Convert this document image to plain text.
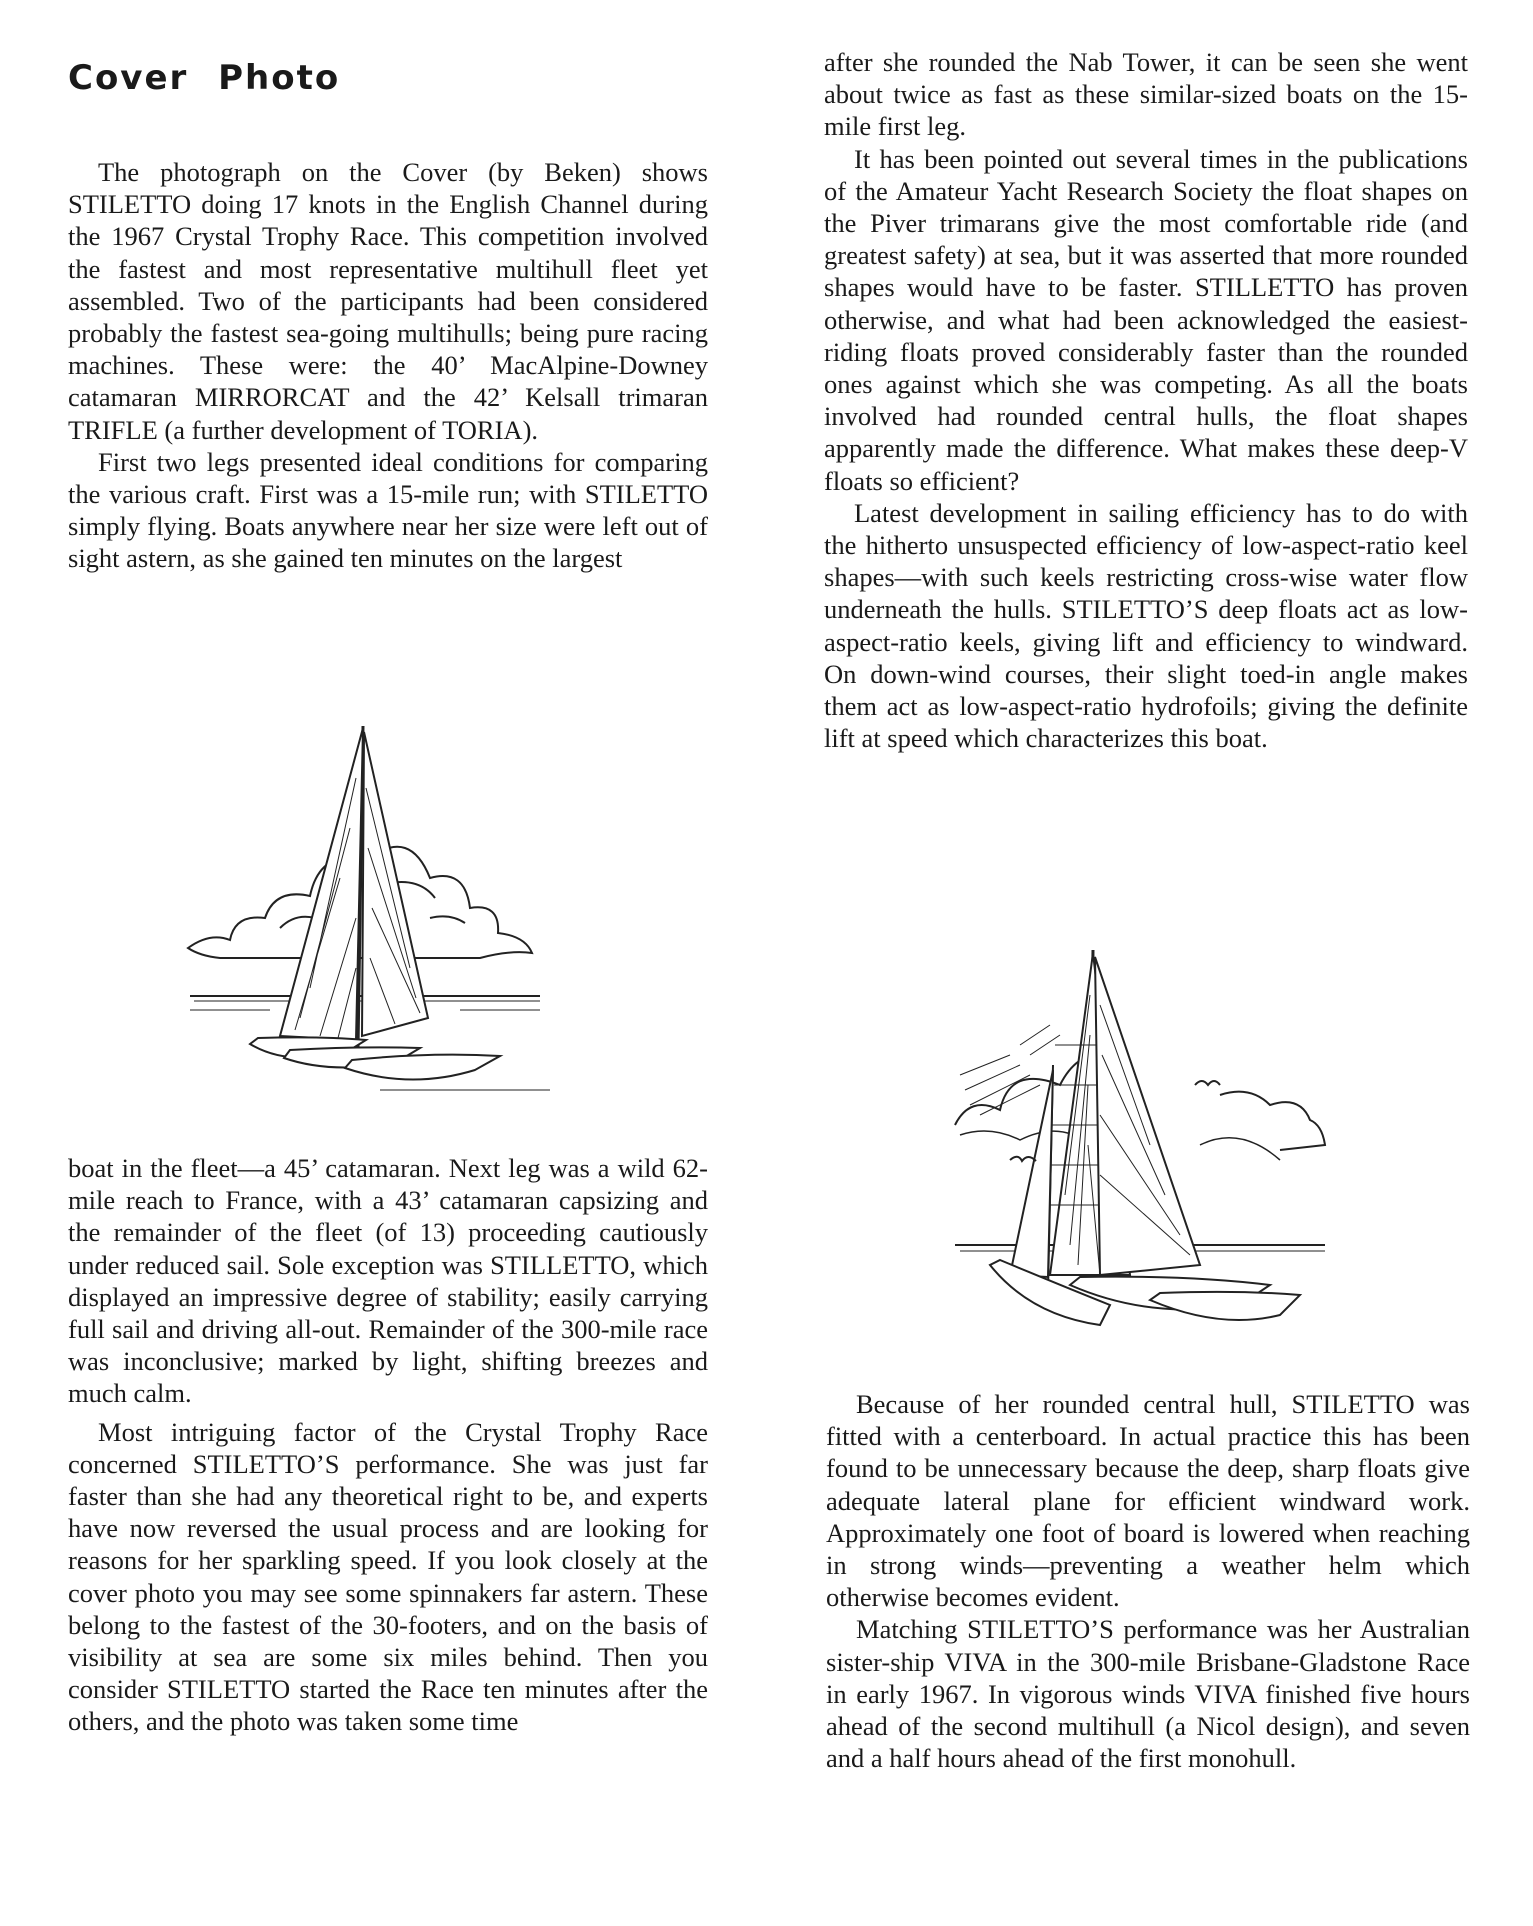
Cover Photo

The photograph on the Cover (by Beken) shows STILETTO doing 17 knots in the English Channel during the 1967 Crystal Trophy Race. This competition involved the fastest and most representative multihull fleet yet assembled. Two of the participants had been considered probably the fastest sea-going multihulls; being pure racing machines. These were: the 40’ MacAlpine-Downey catamaran MIRRORCAT and the 42’ Kelsall trimaran TRIFLE (a further development of TORIA).

First two legs presented ideal conditions for comparing the various craft. First was a 15-mile run; with STILETTO simply flying. Boats anywhere near her size were left out of sight astern, as she gained ten minutes on the largest

boat in the fleet—a 45’ catamaran. Next leg was a wild 62-mile reach to France, with a 43’ catamaran capsizing and the remainder of the fleet (of 13) proceeding cautiously under reduced sail. Sole exception was STILLETTO, which displayed an impressive degree of stability; easily carrying full sail and driving all-out. Remainder of the 300-mile race was inconclusive; marked by light, shifting breezes and much calm.

Most intriguing factor of the Crystal Trophy Race concerned STILETTO’S performance. She was just far faster than she had any theoretical right to be, and experts have now reversed the usual process and are looking for reasons for her sparkling speed. If you look closely at the cover photo you may see some spinnakers far astern. These belong to the fastest of the 30-footers, and on the basis of visibility at sea are some six miles behind. Then you consider STILETTO started the Race ten minutes after the others, and the photo was taken some time

after she rounded the Nab Tower, it can be seen she went about twice as fast as these similar-sized boats on the 15-mile first leg.

It has been pointed out several times in the publications of the Amateur Yacht Research Society the float shapes on the Piver trimarans give the most comfortable ride (and greatest safety) at sea, but it was asserted that more rounded shapes would have to be faster. STILLETTO has proven otherwise, and what had been acknowledged the easiest-riding floats proved considerably faster than the rounded ones against which she was competing. As all the boats involved had rounded central hulls, the float shapes apparently made the difference. What makes these deep-V floats so efficient?

Latest development in sailing efficiency has to do with the hitherto unsuspected efficiency of low-aspect-ratio keel shapes—with such keels restricting cross-wise water flow underneath the hulls. STILETTO’S deep floats act as low-aspect-ratio keels, giving lift and efficiency to windward. On down-wind courses, their slight toed-in angle makes them act as low-aspect-ratio hydrofoils; giving the definite lift at speed which characterizes this boat.

Because of her rounded central hull, STILETTO was fitted with a centerboard. In actual practice this has been found to be unnecessary because the deep, sharp floats give adequate lateral plane for efficient windward work. Approximately one foot of board is lowered when reaching in strong winds—preventing a weather helm which otherwise becomes evident.

Matching STILETTO’S performance was her Australian sister-ship VIVA in the 300-mile Brisbane-Gladstone Race in early 1967. In vigorous winds VIVA finished five hours ahead of the second multihull (a Nicol design), and seven and a half hours ahead of the first monohull.
